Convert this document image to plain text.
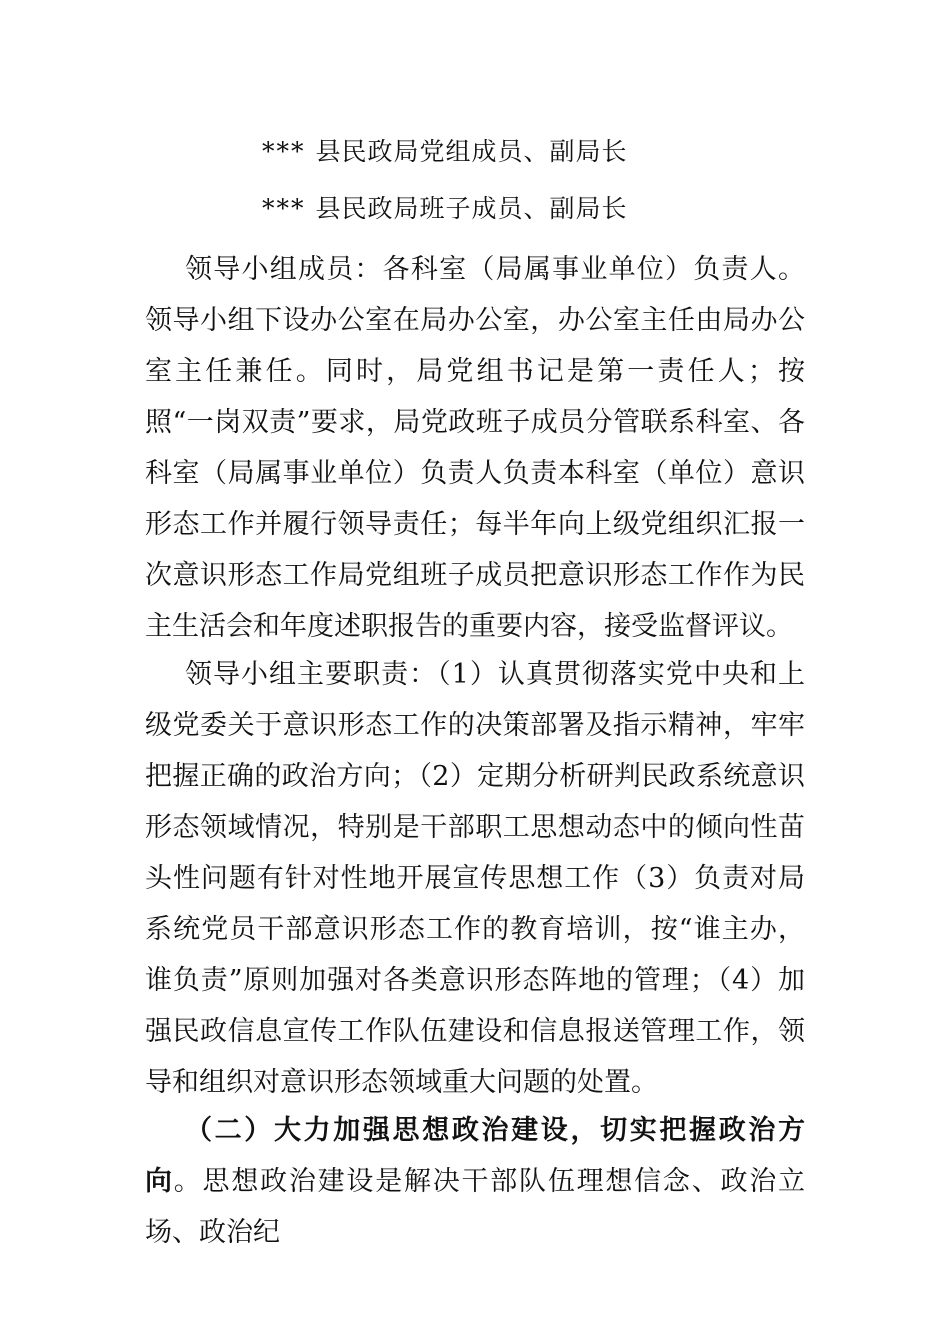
*** 县民政局党组成员、副局长
*** 县民政局班子成员、副局长

领导小组成员：各科室（局属事业单位）负责人。领导小组下设办公室在局办公室，办公室主任由局办公室主任兼任。同时，局党组书记是第一责任人；按照“一岗双责”要求，局党政班子成员分管联系科室、各科室（局属事业单位）负责人负责本科室（单位）意识形态工作并履行领导责任；每半年向上级党组织汇报一次意识形态工作局党组班子成员把意识形态工作作为民主生活会和年度述职报告的重要内容，接受监督评议。

领导小组主要职责：（1）认真贯彻落实党中央和上级党委关于意识形态工作的决策部署及指示精神，牢牢把握正确的政治方向；（2）定期分析研判民政系统意识形态领域情况，特别是干部职工思想动态中的倾向性苗头性问题有针对性地开展宣传思想工作（3）负责对局系统党员干部意识形态工作的教育培训，按“谁主办，谁负责”原则加强对各类意识形态阵地的管理；（4）加强民政信息宣传工作队伍建设和信息报送管理工作，领导和组织对意识形态领域重大问题的处置。

（二）大力加强思想政治建设，切实把握政治方向。思想政治建设是解决干部队伍理想信念、政治立场、政治纪
